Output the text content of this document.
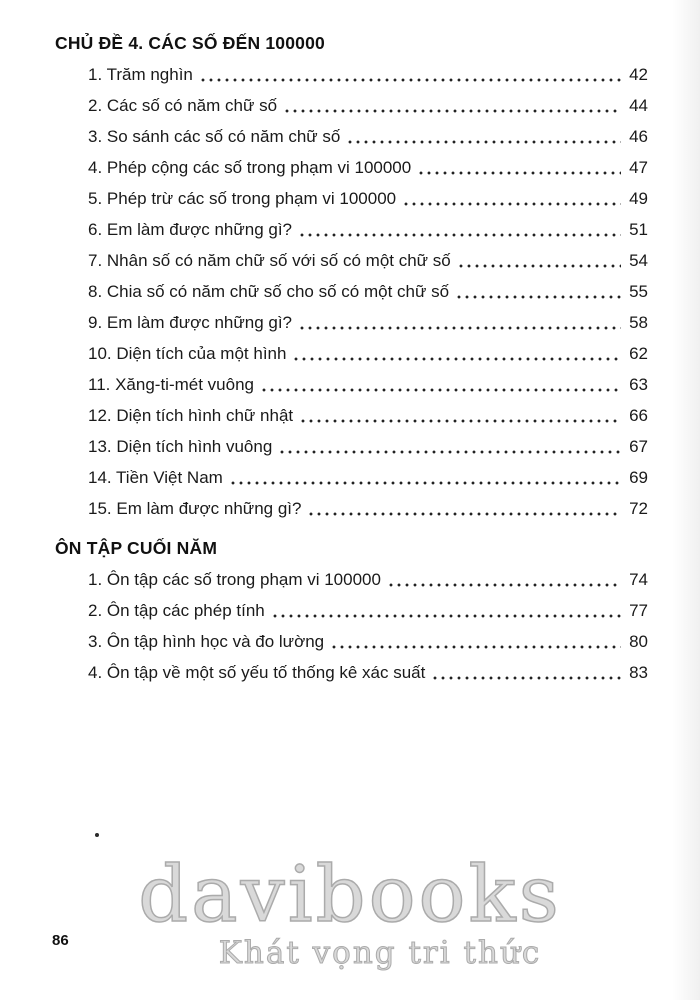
CHỦ ĐỀ 4. CÁC SỐ ĐẾN 100000
1. Trăm nghìn	42
2. Các số có năm chữ số	44
3. So sánh các số có năm chữ số	46
4. Phép cộng các số trong phạm vi 100000	47
5. Phép trừ các số trong phạm vi 100000	49
6. Em làm được những gì?	51
7. Nhân số có năm chữ số với số có một chữ số	54
8. Chia số có năm chữ số cho số có một chữ số	55
9. Em làm được những gì?	58
10. Diện tích của một hình	62
11. Xăng-ti-mét vuông	63
12. Diện tích hình chữ nhật	66
13. Diện tích hình vuông	67
14. Tiền Việt Nam	69
15. Em làm được những gì?	72
ÔN TẬP CUỐI NĂM
1. Ôn tập các số trong phạm vi 100000	74
2. Ôn tập các phép tính	77
3. Ôn tập hình học và đo lường	80
4. Ôn tập về một số yếu tố thống kê xác suất	83
davibooks
Khát vọng tri thức
86
